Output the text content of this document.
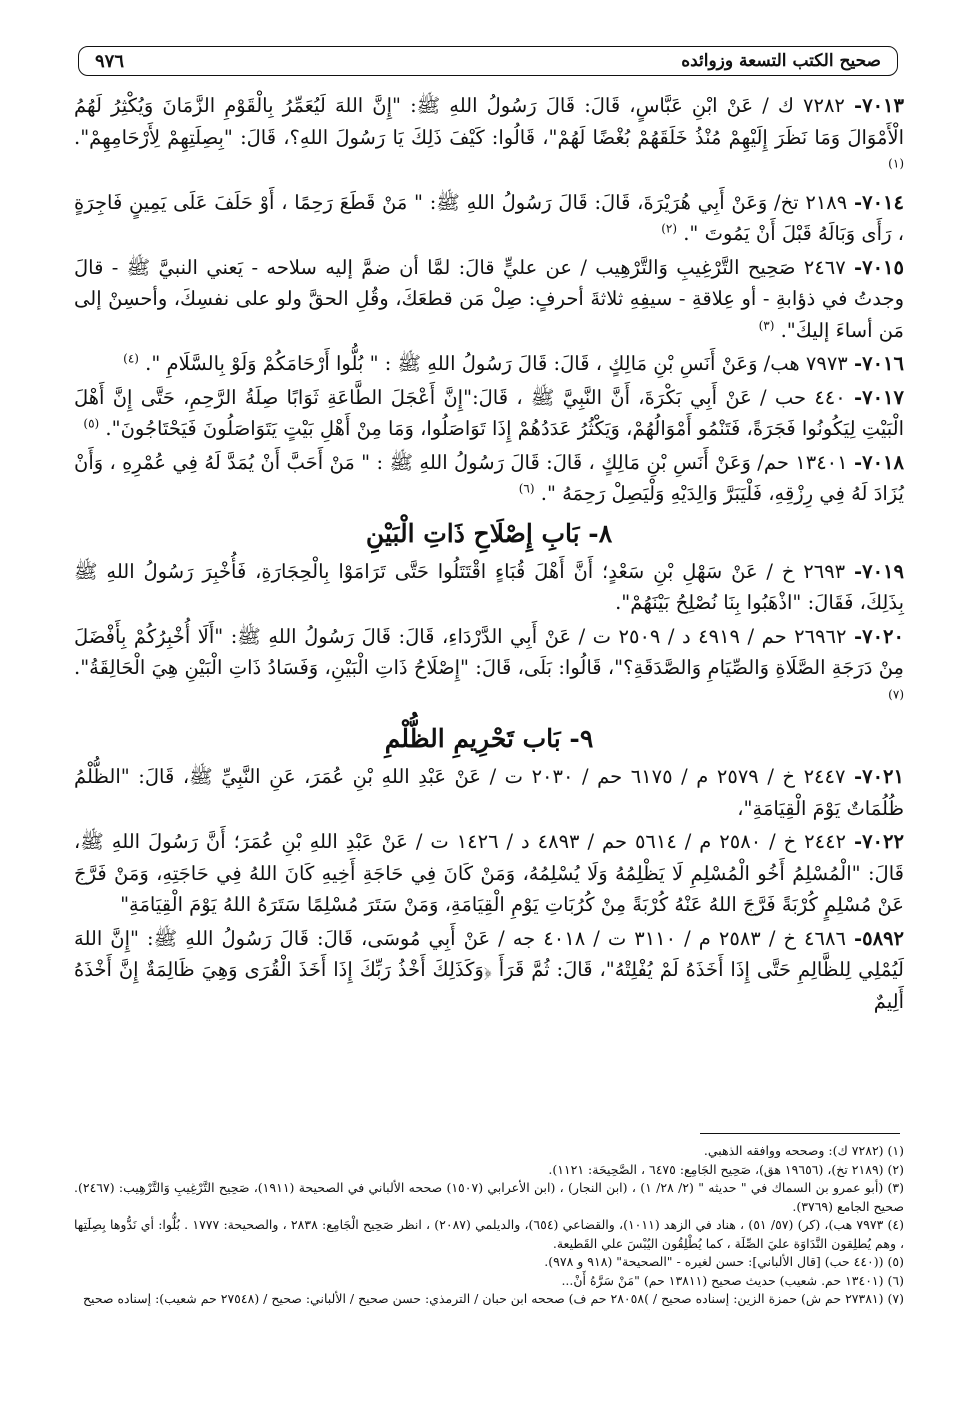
صحيح الكتب التسعة وزوائده
٩٧٦

٧٠١٣- ٧٢٨٢ ك / عَنْ ابْنِ عَبَّاسٍ، قَالَ: قَالَ رَسُولُ اللهِ ﷺ: "إِنَّ اللهَ لَيُعَمِّرُ بِالْقَوْمِ الزَّمَانَ وَيُكْثِرُ لَهُمُ الْأَمْوَالَ وَمَا نَظَرَ إِلَيْهِمْ مُنْذُ خَلَقَهُمْ بُغْضًا لَهُمْ"، قَالُوا: كَيْفَ ذَلِكَ يَا رَسُولَ اللهِ؟، قَالَ: "بِصِلَتِهِمْ لِأَرْحَامِهِمْ". $^{(١)}$

٧٠١٤- ٢١٨٩ تخ/ وَعَنْ أَبِي هُرَيْرَةَ، قَالَ: قَالَ رَسُولُ اللهِ ﷺ: " مَنْ قَطَعَ رَحِمًا ، أَوْ حَلَفَ عَلَى يَمِينٍ فَاجِرَةٍ ، رَأَى وَبَالَهُ قَبْلَ أَنْ يَمُوتَ ". $^{(٢)}$

٧٠١٥- ٢٤٦٧ صَحِيح التَّرْغِيبِ وَالتَّرْهِيب / عن عليٍّ قالَ: لمَّا أن ضمَّ إليه سلاحه - يَعني النبيَّ ﷺ - قالَ وجدتُ في ذؤابةِ - أو عِلاقةِ - سيفِهِ ثلاثةَ أحرفٍ: صِلْ مَن قطعَكَ، وقُلِ الحقَّ ولو على نفسِكَ، وأحسِنْ إلى مَن أساءَ إليكَ". $^{(٣)}$

٧٠١٦- ٧٩٧٣ هب/ وَعَنْ أَنَسِ بْنِ مَالِكٍ ، قَالَ: قَالَ رَسُولُ اللهِ ﷺ : " بُلُّوا أَرْحَامَكُمْ وَلَوْ بِالسَّلَامِ ". $^{(٤)}$

٧٠١٧- ٤٤٠ حب / عَنْ أَبِي بَكْرَةَ، أَنَّ النَّبِيَّ ﷺ ، قَالَ:"إِنَّ أَعْجَلَ الطَّاعَةِ ثَوَابًا صِلَةُ الرَّحِمِ، حَتَّى إِنَّ أَهْلَ الْبَيْتِ لِيَكُونُوا فَجَرَةً، فَتَنْمُو أَمْوَالُهُمْ، وَيَكْثُرُ عَدَدُهُمْ إِذَا تَوَاصَلُوا، وَمَا مِنْ أَهْلِ بَيْتٍ يَتَوَاصَلُونَ فَيَحْتَاجُونَ". $^{(٥)}$

٧٠١٨- ١٣٤٠١ حم/ وَعَنْ أَنَسِ بْنِ مَالِكٍ ، قَالَ: قَالَ رَسُولُ اللهِ ﷺ : " مَنْ أَحَبَّ أَنْ يُمَدَّ لَهُ فِي عُمْرِهِ ، وَأَنْ يُزَادَ لَهُ فِي رِزْقِهِ، فَلْيَبَرَّ وَالِدَيْهِ وَلْيَصِلْ رَحِمَهُ ". $^{(٦)}$

٨- بَابِ إِصْلَاحِ ذَاتِ الْبَيْنِ

٧٠١٩- ٢٦٩٣ خ / عَنْ سَهْلِ بْنِ سَعْدٍ؛ أَنَّ أَهْلَ قُبَاءٍ اقْتَتَلُوا حَتَّى تَرَامَوْا بِالْحِجَارَةِ، فَأُخْبِرَ رَسُولُ اللهِ ﷺ بِذَلِكَ، فَقَالَ: "اذْهَبُوا بِنَا نُصْلِحُ بَيْنَهُمْ".

٧٠٢٠- ٢٦٩٦٢ حم / ٤٩١٩ د / ٢٥٠٩ ت / عَنْ أَبِي الدَّرْدَاءِ، قَالَ: قَالَ رَسُولُ اللهِ ﷺ: "أَلَا أُخْبِرُكُمْ بِأَفْضَلَ مِنْ دَرَجَةِ الصَّلَاةِ وَالصِّيَامِ وَالصَّدَقَةِ؟"، قَالُوا: بَلَى، قَالَ: "إِصْلَاحُ ذَاتِ الْبَيْنِ، وَفَسَادُ ذَاتِ الْبَيْنِ هِيَ الْحَالِقَةُ". $^{(٧)}$

٩- بَاب تَحْرِيمِ الظُّلْمِ

٧٠٢١- ٢٤٤٧ خ / ٢٥٧٩ م / ٦١٧٥ حم / ٢٠٣٠ ت / عَنْ عَبْدِ اللهِ بْنِ عُمَرَ، عَنِ النَّبِيِّ ﷺ، قَالَ: "الظُّلْمُ ظُلُمَاتٌ يَوْمَ الْقِيَامَةِ"،

٧٠٢٢- ٢٤٤٢ خ / ٢٥٨٠ م / ٥٦١٤ حم / ٤٨٩٣ د / ١٤٢٦ ت / عَنْ عَبْدِ اللهِ بْنِ عُمَرَ؛ أَنَّ رَسُولَ اللهِ ﷺ، قَالَ: "الْمُسْلِمُ أَخُو الْمُسْلِمِ لَا يَظْلِمُهُ وَلَا يُسْلِمُهُ، وَمَنْ كَانَ فِي حَاجَةِ أَخِيهِ كَانَ اللهُ فِي حَاجَتِهِ، وَمَنْ فَرَّجَ عَنْ مُسْلِمٍ كُرْبَةً فَرَّجَ اللهُ عَنْهُ كُرْبَةً مِنْ كُرُبَاتِ يَوْمِ الْقِيَامَةِ، وَمَنْ سَتَرَ مُسْلِمًا سَتَرَهُ اللهُ يَوْمَ الْقِيَامَةِ"

٥٨٩٢- ٤٦٨٦ خ / ٢٥٨٣ م / ٣١١٠ ت / ٤٠١٨ جه / عَنْ أَبِي مُوسَى، قَالَ: قَالَ رَسُولُ اللهِ ﷺ: "إِنَّ اللهَ لَيُمْلِي لِلظَّالِمِ حَتَّى إِذَا أَخَذَهُ لَمْ يُفْلِتْهُ"، قَالَ: ثُمَّ قَرَأَ ﴿وَكَذَلِكَ أَخْذُ رَبِّكَ إِذَا أَخَذَ الْقُرَى وَهِيَ ظَالِمَةٌ إِنَّ أَخْذَهُ أَلِيمٌ

(١) (٧٢٨٢ ك): وصححه ووافقه الذهبي.

(٢) (٢١٨٩ تخ)، (١٩٦٥٦ هق)، صَحِيح الجَامِع: ٦٤٧٥ ، الصَّحِيحَة: ١١٢١).

(٣) (أبو عمرو بن السماك في " حديثه " (٢/ ٢٨/ ١) ، (ابن النجار) ، (ابن الأعرابي (١٥٠٧) صححه الألباني في الصحيحة (١٩١١)، صَحِيح التَّرْغِيبِ وَالتَّرْهِيب: (٢٤٦٧). صحيح الجامع (٣٧٦٩).

(٤) ٧٩٧٣ هب)، (كر) (٥٧/ ٥١) ، هناد في الزهد (١٠١١)، والقضاعي (٦٥٤)، والديلمي (٢٠٨٧) ، انظر صَحِيح الْجَامِع: ٢٨٣٨ ، والصحيحة: ١٧٧٧ . بُلُّوا: أي نَدُّوها بِصِلَتِها ، وهم يُطلِقون النَّدَاوَة عليَ الصِّلَة ، كما يُطْلِقُون اليُبْسَ علي القَطيعة.

(٥) ((٤٤٠ حب) [قال الألباني]: حسن لغيره - "الصحيحة" (٩١٨ و ٩٧٨).

(٦) (١٣٤٠١ حم. شعيب) حديث صحيح (١٣٨١١ حم) "مَنْ سَرَّهُ أَنْ...

(٧) (٢٧٣٨١ حم ش) حمزة الزين: إسناده صحيح / )٢٨٠٥٨ حم ف) صححه ابن حبان / الترمذي: حسن صحيح / الألباني: صحيح / (٢٧٥٤٨ حم شعيب): إسناده صحيح
